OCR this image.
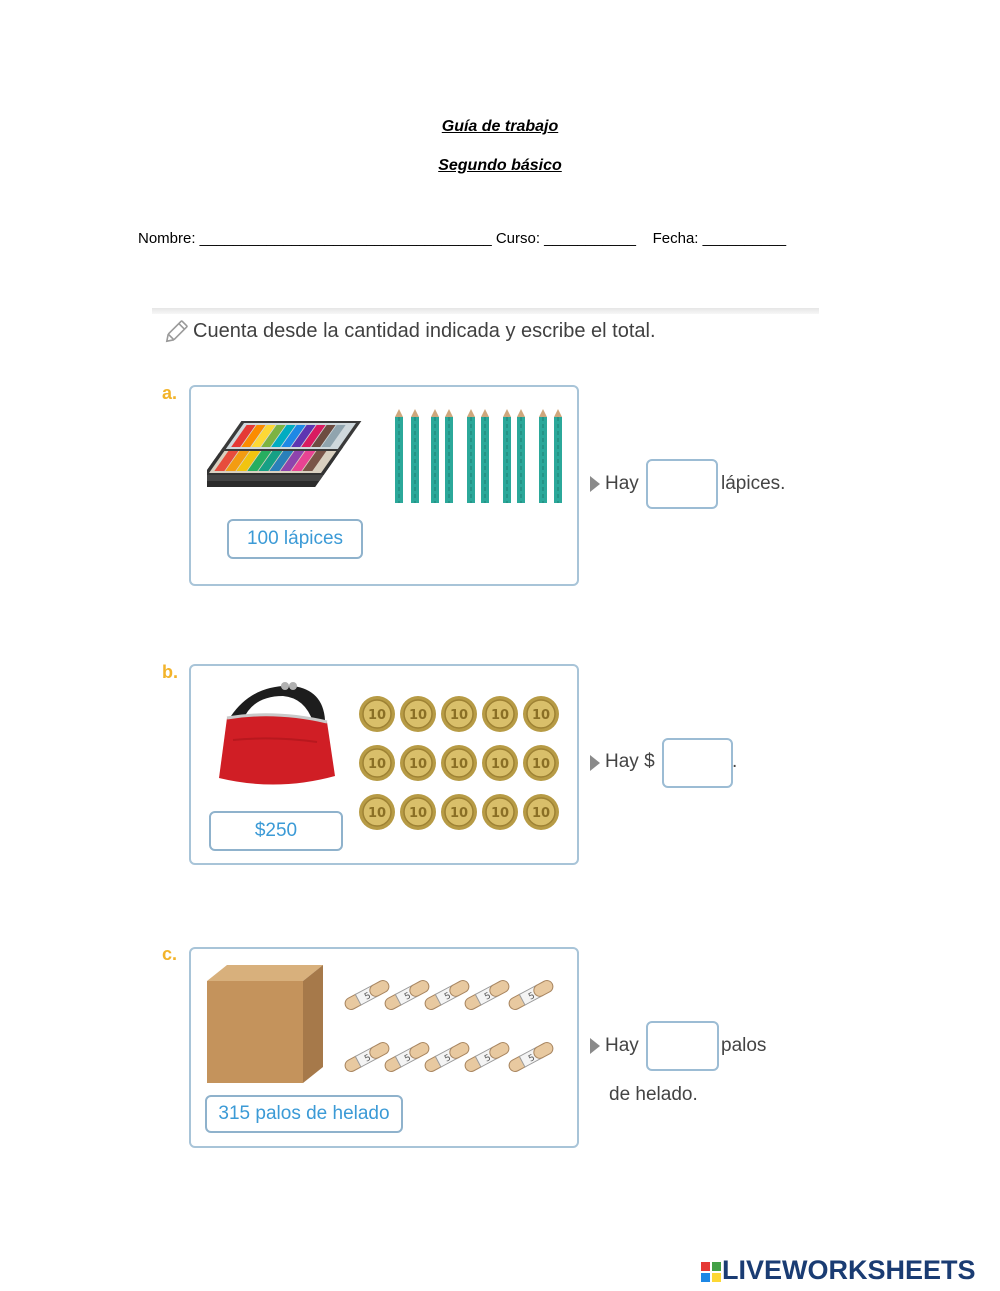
Guía de trabajo
Segundo básico
Nombre: ___________________________________ Curso: ___________    Fecha: __________
Cuenta desde la cantidad indicada y escribe el total.
a.
100 lápices
Hay	lápices.
b.
$250
Hay $	.
c.
5
315 palos de helado
Hay	palos
de helado.
LIVEWORKSHEETS
